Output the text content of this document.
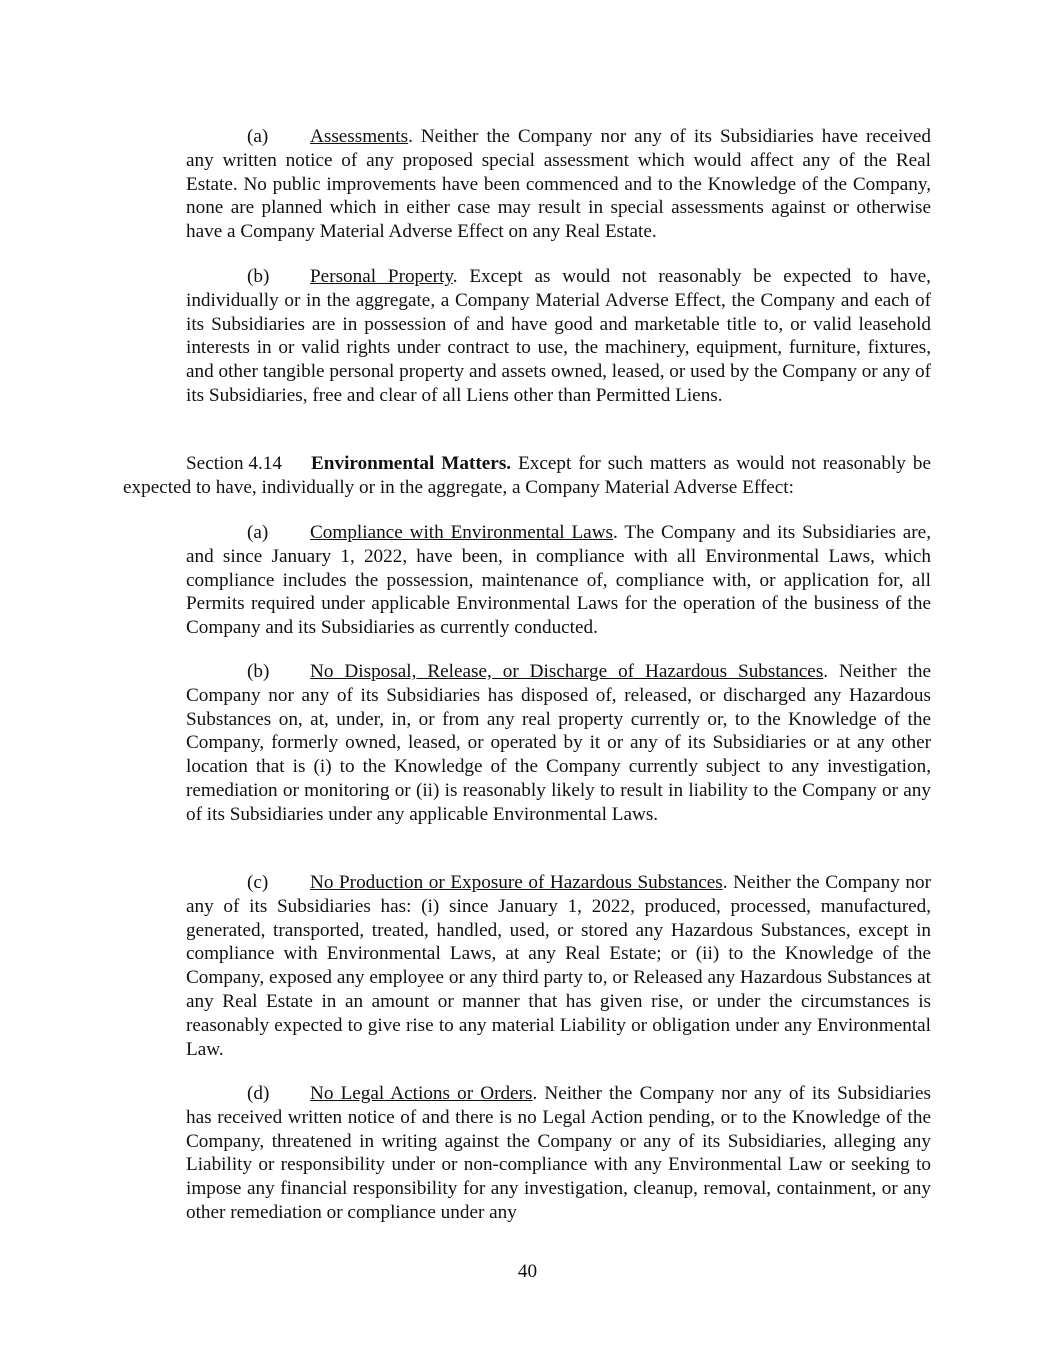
(a) Assessments. Neither the Company nor any of its Subsidiaries have received any written notice of any proposed special assessment which would affect any of the Real Estate. No public improvements have been commenced and to the Knowledge of the Company, none are planned which in either case may result in special assessments against or otherwise have a Company Material Adverse Effect on any Real Estate.

(b) Personal Property. Except as would not reasonably be expected to have, individually or in the aggregate, a Company Material Adverse Effect, the Company and each of its Subsidiaries are in possession of and have good and marketable title to, or valid leasehold interests in or valid rights under contract to use, the machinery, equipment, furniture, fixtures, and other tangible personal property and assets owned, leased, or used by the Company or any of its Subsidiaries, free and clear of all Liens other than Permitted Liens.

Section 4.14 Environmental Matters. Except for such matters as would not reasonably be expected to have, individually or in the aggregate, a Company Material Adverse Effect:

(a) Compliance with Environmental Laws. The Company and its Subsidiaries are, and since January 1, 2022, have been, in compliance with all Environmental Laws, which compliance includes the possession, maintenance of, compliance with, or application for, all Permits required under applicable Environmental Laws for the operation of the business of the Company and its Subsidiaries as currently conducted.

(b) No Disposal, Release, or Discharge of Hazardous Substances. Neither the Company nor any of its Subsidiaries has disposed of, released, or discharged any Hazardous Substances on, at, under, in, or from any real property currently or, to the Knowledge of the Company, formerly owned, leased, or operated by it or any of its Subsidiaries or at any other location that is (i) to the Knowledge of the Company currently subject to any investigation, remediation or monitoring or (ii) is reasonably likely to result in liability to the Company or any of its Subsidiaries under any applicable Environmental Laws.

(c) No Production or Exposure of Hazardous Substances. Neither the Company nor any of its Subsidiaries has: (i) since January 1, 2022, produced, processed, manufactured, generated, transported, treated, handled, used, or stored any Hazardous Substances, except in compliance with Environmental Laws, at any Real Estate; or (ii) to the Knowledge of the Company, exposed any employee or any third party to, or Released any Hazardous Substances at any Real Estate in an amount or manner that has given rise, or under the circumstances is reasonably expected to give rise to any material Liability or obligation under any Environmental Law.

(d) No Legal Actions or Orders. Neither the Company nor any of its Subsidiaries has received written notice of and there is no Legal Action pending, or to the Knowledge of the Company, threatened in writing against the Company or any of its Subsidiaries, alleging any Liability or responsibility under or non-compliance with any Environmental Law or seeking to impose any financial responsibility for any investigation, cleanup, removal, containment, or any other remediation or compliance under any

40
